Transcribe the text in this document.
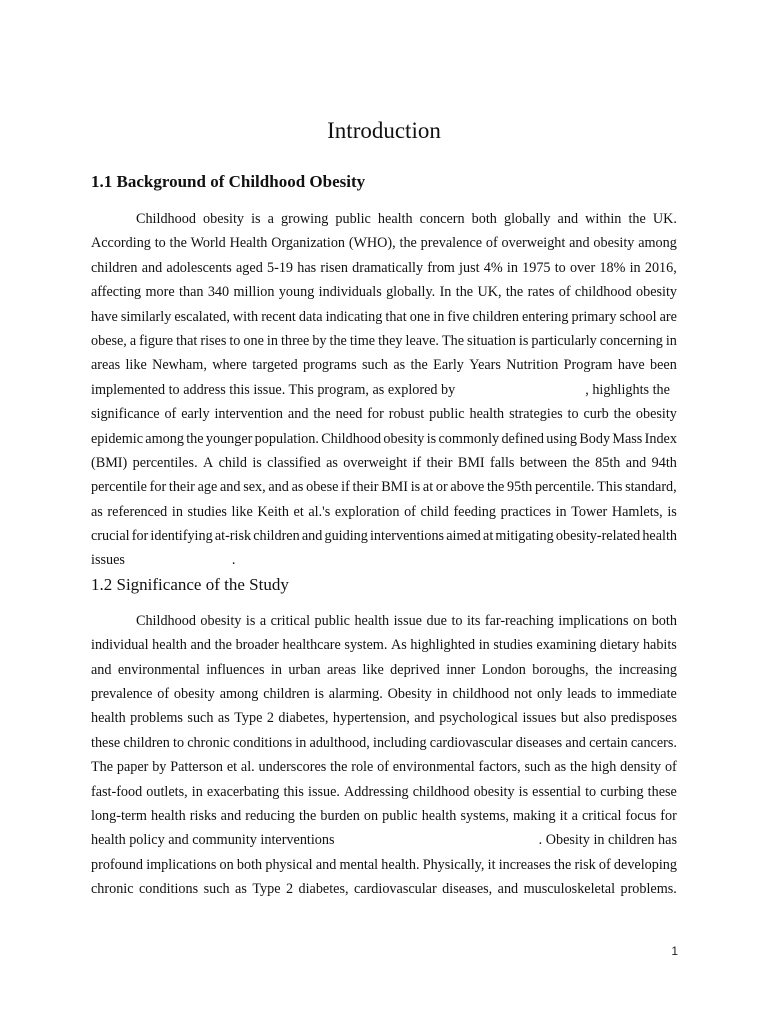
Introduction
1.1 Background of Childhood Obesity
Childhood obesity is a growing public health concern both globally and within the UK.
According to the World Health Organization (WHO), the prevalence of overweight and obesity among
children and adolescents aged 5-19 has risen dramatically from just 4% in 1975 to over 18% in 2016,
affecting more than 340 million young individuals globally. In the UK, the rates of childhood obesity
have similarly escalated, with recent data indicating that one in five children entering primary school are
obese, a figure that rises to one in three by the time they leave. The situation is particularly concerning in
areas like Newham, where targeted programs such as the Early Years Nutrition Program have been
implemented to address this issue. This program, as explored by	, highlights the
significance of early intervention and the need for robust public health strategies to curb the obesity
epidemic among the younger population. Childhood obesity is commonly defined using Body Mass Index
(BMI) percentiles. A child is classified as overweight if their BMI falls between the 85th and 94th
percentile for their age and sex, and as obese if their BMI is at or above the 95th percentile. This standard,
as referenced in studies like Keith et al.'s exploration of child feeding practices in Tower Hamlets, is
crucial for identifying at-risk children and guiding interventions aimed at mitigating obesity-related health
issues	.
1.2 Significance of the Study
Childhood obesity is a critical public health issue due to its far-reaching implications on both
individual health and the broader healthcare system. As highlighted in studies examining dietary habits
and environmental influences in urban areas like deprived inner London boroughs, the increasing
prevalence of obesity among children is alarming. Obesity in childhood not only leads to immediate
health problems such as Type 2 diabetes, hypertension, and psychological issues but also predisposes
these children to chronic conditions in adulthood, including cardiovascular diseases and certain cancers.
The paper by Patterson et al. underscores the role of environmental factors, such as the high density of
fast-food outlets, in exacerbating this issue. Addressing childhood obesity is essential to curbing these
long-term health risks and reducing the burden on public health systems, making it a critical focus for
health policy and community interventions	. Obesity in children has
profound implications on both physical and mental health. Physically, it increases the risk of developing
chronic conditions such as Type 2 diabetes, cardiovascular diseases, and musculoskeletal problems.
1
